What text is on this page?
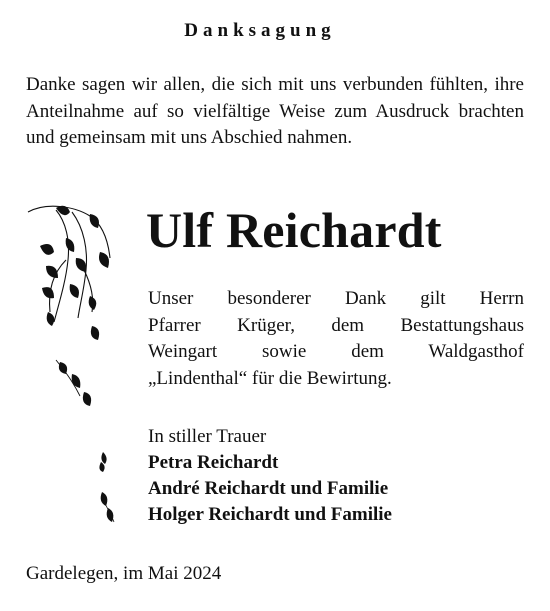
Danksagung

Danke sagen wir allen, die sich mit uns verbunden fühlten, ihre Anteilnahme auf so vielfältige Weise zum Ausdruck brachten und gemeinsam mit uns Abschied nahmen.

Ulf Reichardt
Unser besonderer Dank gilt Herrn
Pfarrer Krüger, dem Bestattungshaus
Weingart sowie dem Waldgasthof
„Lindenthal“ für die Bewirtung.
In stiller Trauer
Petra Reichardt
André Reichardt und Familie
Holger Reichardt und Familie
Gardelegen, im Mai 2024
